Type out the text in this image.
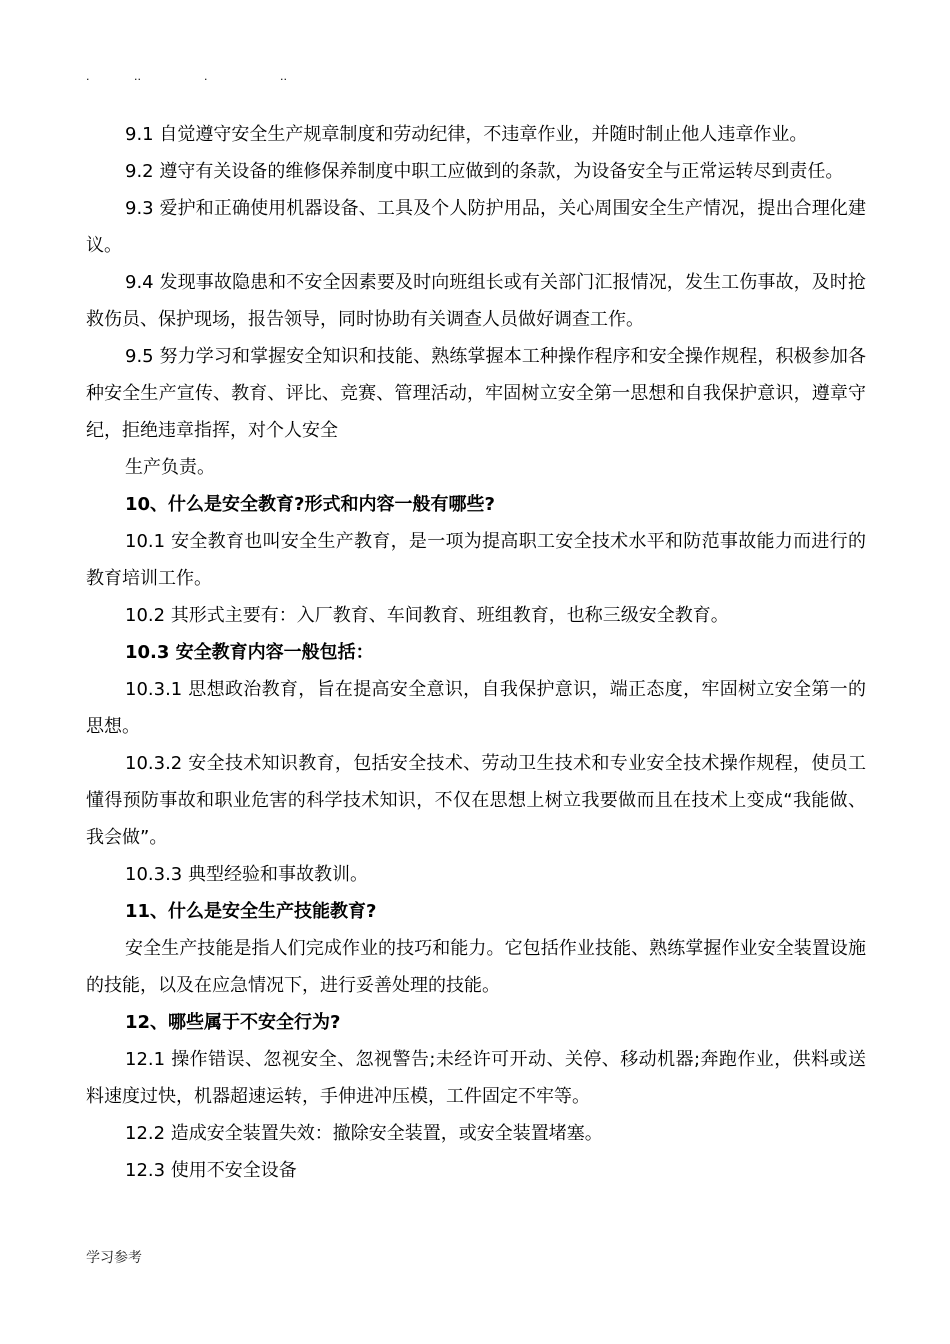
.	..	.	..

9.1 自觉遵守安全生产规章制度和劳动纪律，不违章作业，并随时制止他人违章作业。

9.2 遵守有关设备的维修保养制度中职工应做到的条款，为设备安全与正常运转尽到责任。

9.3 爱护和正确使用机器设备、工具及个人防护用品，关心周围安全生产情况，提出合理化建议。

9.4 发现事故隐患和不安全因素要及时向班组长或有关部门汇报情况，发生工伤事故，及时抢救伤员、保护现场，报告领导，同时协助有关调查人员做好调查工作。

9.5 努力学习和掌握安全知识和技能、熟练掌握本工种操作程序和安全操作规程，积极参加各种安全生产宣传、教育、评比、竞赛、管理活动，牢固树立安全第一思想和自我保护意识，遵章守纪，拒绝违章指挥，对个人安全

生产负责。

10、什么是安全教育?形式和内容一般有哪些?

10.1 安全教育也叫安全生产教育，是一项为提高职工安全技术水平和防范事故能力而进行的教育培训工作。

10.2 其形式主要有：入厂教育、车间教育、班组教育，也称三级安全教育。

10.3 安全教育内容一般包括：

10.3.1 思想政治教育，旨在提高安全意识，自我保护意识，端正态度，牢固树立安全第一的思想。

10.3.2 安全技术知识教育，包括安全技术、劳动卫生技术和专业安全技术操作规程，使员工懂得预防事故和职业危害的科学技术知识，不仅在思想上树立我要做而且在技术上变成“我能做、我会做”。

10.3.3 典型经验和事故教训。

11、什么是安全生产技能教育?

安全生产技能是指人们完成作业的技巧和能力。它包括作业技能、熟练掌握作业安全装置设施的技能，以及在应急情况下，进行妥善处理的技能。

12、哪些属于不安全行为?

12.1 操作错误、忽视安全、忽视警告;未经许可开动、关停、移动机器;奔跑作业，供料或送料速度过快，机器超速运转，手伸进冲压模，工件固定不牢等。

12.2 造成安全装置失效：撤除安全装置，或安全装置堵塞。

12.3 使用不安全设备

学习参考
